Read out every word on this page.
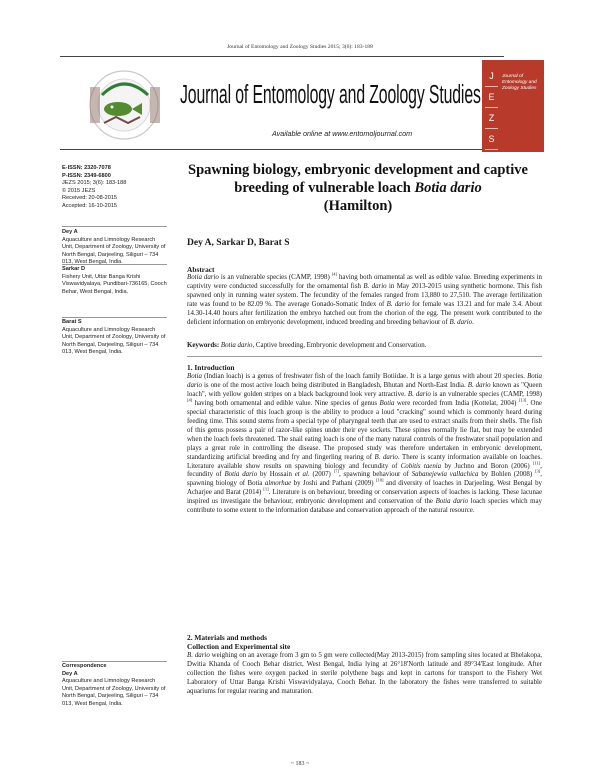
Journal of Entomology and Zoology Studies 2015; 3(6): 183-188
Journal of Entomology and Zoology Studies
Available online at www.entomoljournal.com
J
E
Z
S
Journal of Entomology and Zoology Studies
E-ISSN: 2320-7078
P-ISSN: 2349-6800
JEZS 2015; 3(6): 183-188
© 2015 JEZS
Received: 20-08-2015
Accepted: 16-10-2015
Dey A
Aquaculture and Limnology Research Unit, Department of Zoology, University of North Bengal, Darjeeling, Siliguri – 734 013, West Bengal, India.
Sarkar D
Fishery Unit, Uttar Banga Krishi Viswavidyalaya, Pundibari-736165, Cooch Behar, West Bengal, India.
Barat S
Aquaculture and Limnology Research Unit, Department of Zoology, University of North Bengal, Darjeeling, Siliguri – 734 013, West Bengal, India.
Correspondence
Dey A
Aquaculture and Limnology Research Unit, Department of Zoology, University of North Bengal, Darjeeling, Siliguri – 734 013, West Bengal, India.
Spawning biology, embryonic development and captive breeding of vulnerable loach Botia dario
(Hamilton)
Dey A, Sarkar D, Barat S
Abstract
Botia dario is an vulnerable species (CAMP, 1998) [4] having both ornamental as well as edible value. Breeding experiments in captivity were conducted successfully for the ornamental fish B. dario in May 2013-2015 using synthetic hormone. This fish spawned only in running water system. The fecundity of the females ranged from 13,880 to 27,510. The average fertilization rate was found to be 82.09 %. The average Gonado-Somatic Index of B. dario for female was 13.21 and for male 3.4. About 14.30-14.40 hours after fertilization the embryo hatched out from the chorion of the egg. The present work contributed to the deficient information on embryonic development, induced breeding and breeding behaviour of B. dario.
Keywords: Botia dario, Captive breeding, Embryonic development and Conservation.
1. Introduction
Botia (Indian loach) is a genus of freshwater fish of the loach family Botiidae. It is a large genus with about 20 species. Botia dario is one of the most active loach being distributed in Bangladesh, Bhutan and North-East India. B. dario known as "Queen loach", with yellow golden stripes on a black background look very attractive. B. dario is an vulnerable species (CAMP, 1998) [4] having both ornamental and edible value. Nine species of genus Botia were recorded from India (Kottelat, 2004) [13]. One special characteristic of this loach group is the ability to produce a loud "cracking" sound which is commonly heard during feeding time. This sound stems from a special type of pharyngeal teeth that are used to extract snails from their shells. The fish of this genus possess a pair of razor-like spines under their eye sockets. These spines normally lie flat, but may be extended when the loach feels threatened. The snail eating loach is one of the many natural controls of the freshwater snail population and plays a great role in controlling the disease. The proposed study was therefore undertaken in embryonic development, standardizing artificial breeding and fry and fingerling rearing of B. dario. There is scanty information available on loaches. Literature available show results on spawning biology and fecundity of Cobitis taenia by Juchno and Boron (2006) [11], fecundity of Botia dario by Hossain et al. (2007) [7], spawning behaviour of Sabanejewia vallachica by Bohlen (2008) [3], spawning biology of Botia almorhae by Joshi and Pathani (2009) [10] and diversity of loaches in Darjeeling, West Bengal by Acharjee and Barat (2014) [1]. Literature is on behaviour, breeding or conservation aspects of loaches is lacking. These lacunae inspired us investigate the behaviour, embryonic development and conservation of the Botia dario loach species which may contribute to some extent to the information database and conservation approach of the natural resource.
2. Materials and methods
Collection and Experimental site
B. dario weighing on an average from 3 gm to 5 gm were collected(May 2013-2015) from sampling sites located at Bhelakopa, Dwitia Khanda of Cooch Behar district, West Bengal, India lying at 26°18'North latitude and 89°34'East longitude. After collection the fishes were oxygen packed in sterile polythene bags and kept in cartons for transport to the Fishery Wet Laboratory of Uttar Banga Krishi Viswavidyalaya, Cooch Behar. In the laboratory the fishes were transferred to suitable aquariums for regular rearing and maturation.
~ 183 ~
